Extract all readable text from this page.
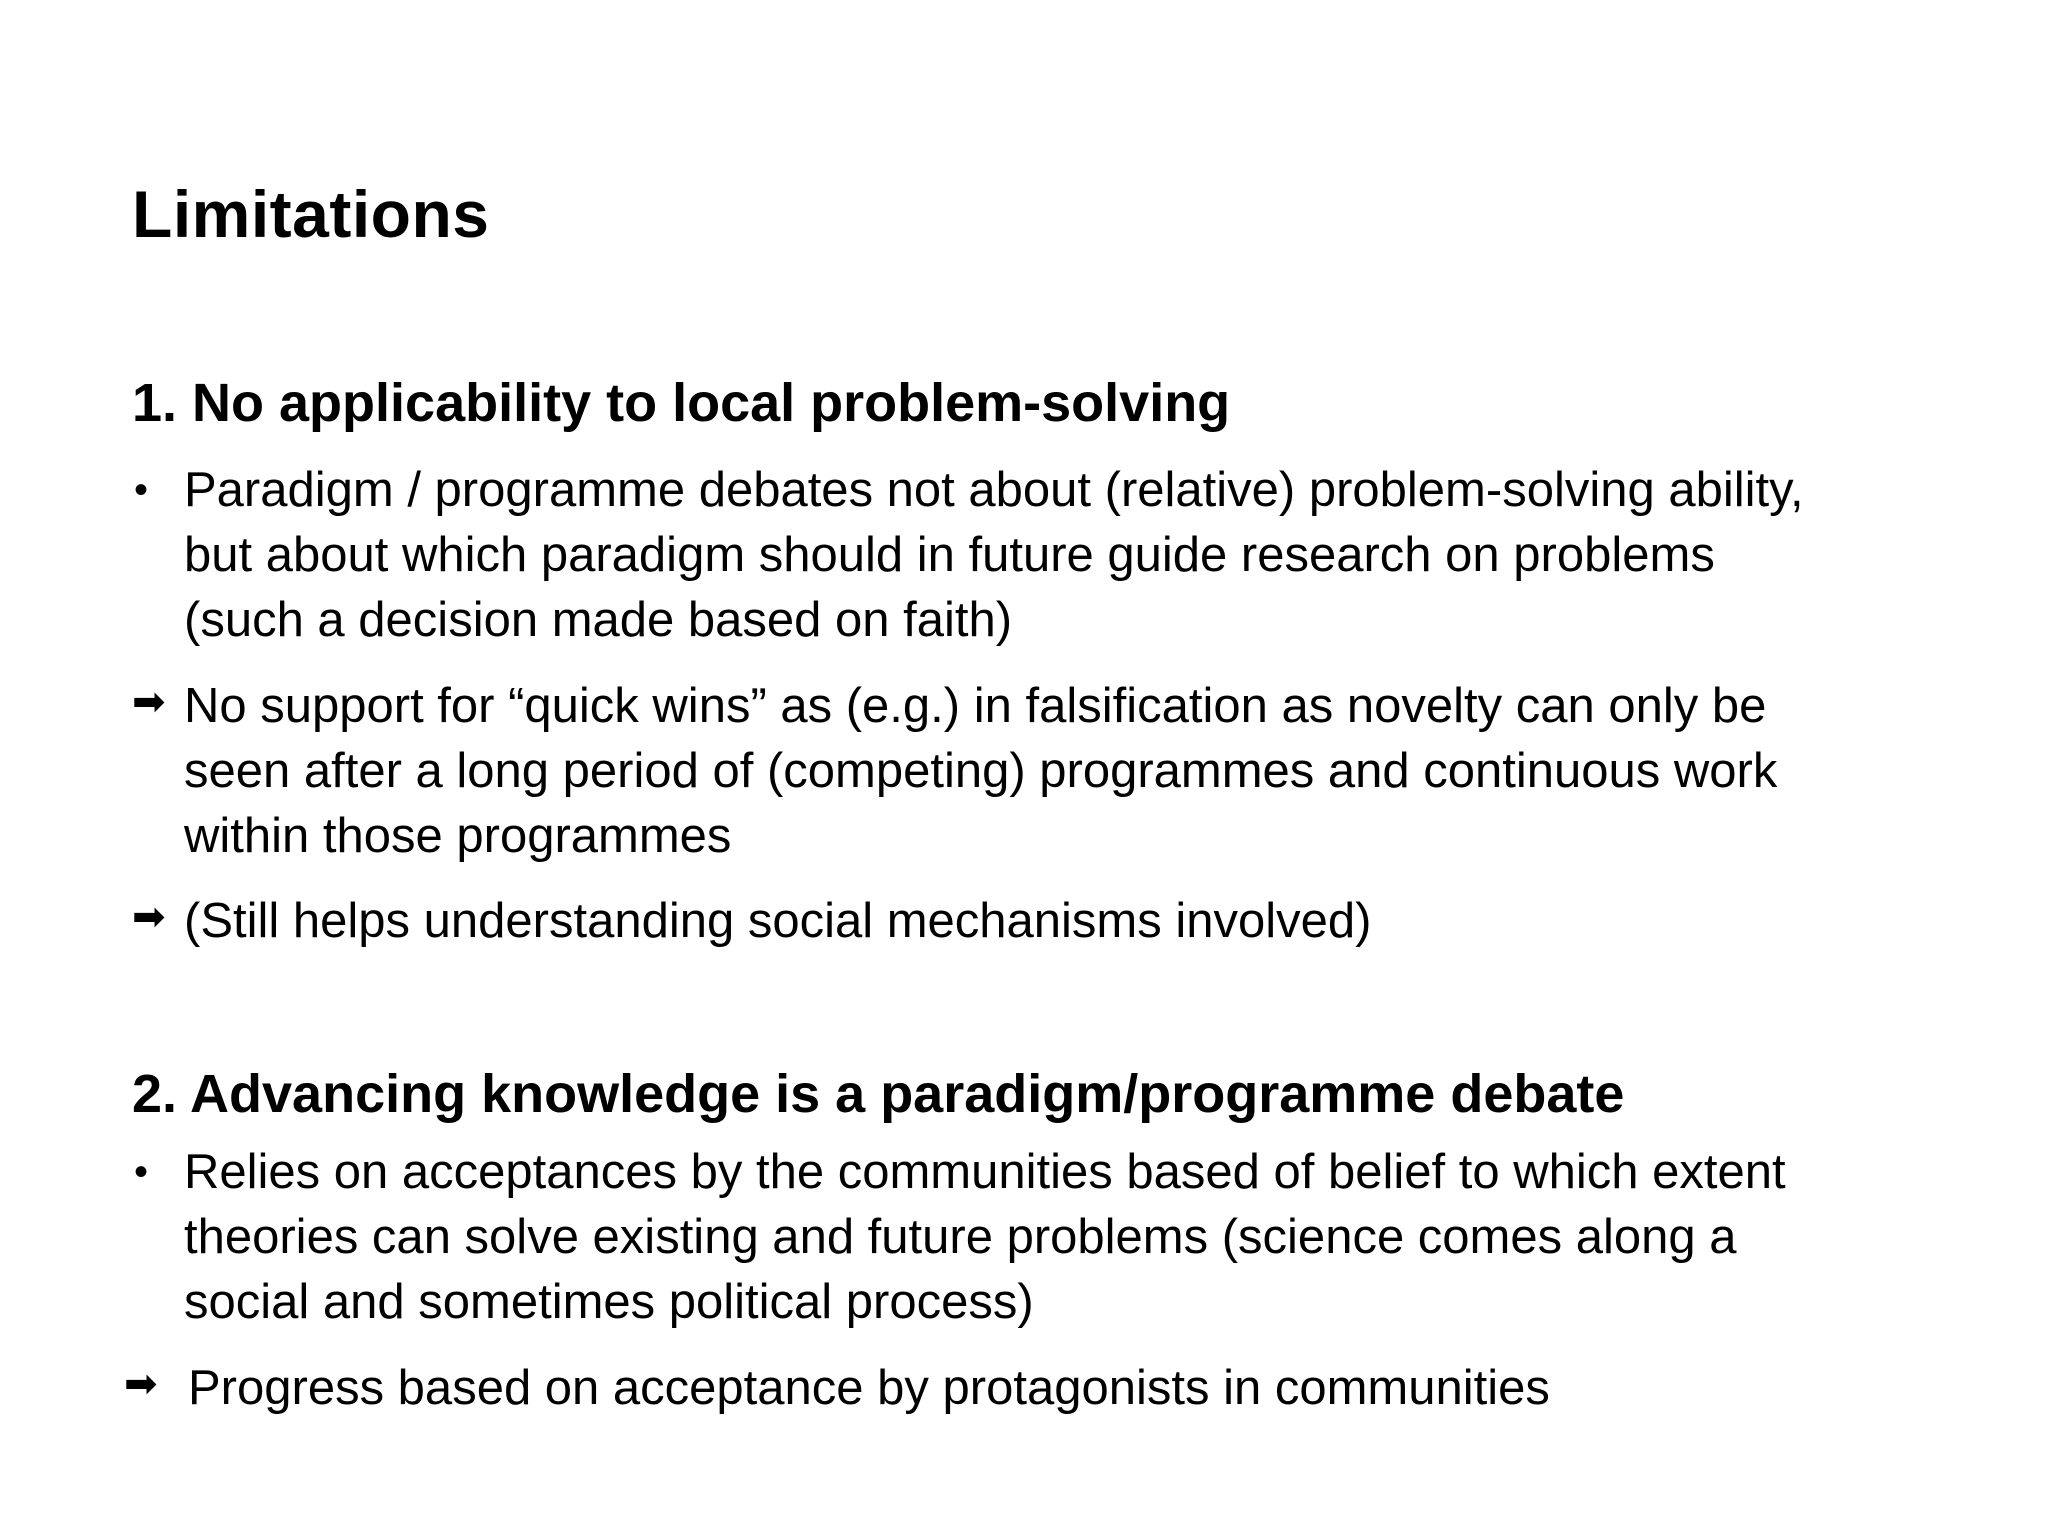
Limitations
1. No applicability to local problem-solving
• Paradigm / programme debates not about (relative) problem-solving ability,
but about which paradigm should in future guide research on problems
(such a decision made based on faith)

➡ No support for “quick wins” as (e.g.) in falsification as novelty can only be
seen after a long period of (competing) programmes and continuous work
within those programmes

➡ (Still helps understanding social mechanisms involved)

2. Advancing knowledge is a paradigm/programme debate
• Relies on acceptances by the communities based of belief to which extent
theories can solve existing and future problems (science comes along a
social and sometimes political process)

➡ Progress based on acceptance by protagonists in communities
